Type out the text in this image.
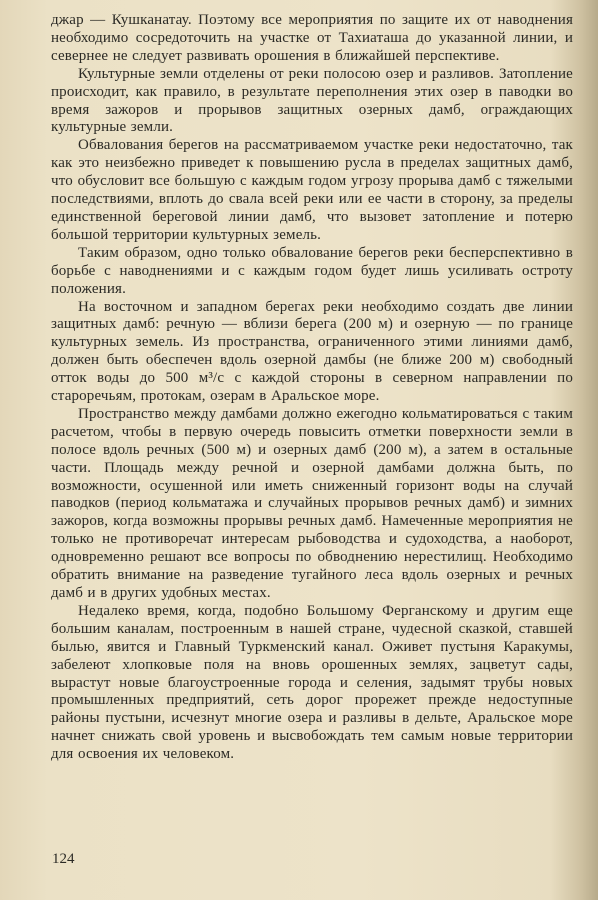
джар — Кушканатау. Поэтому все мероприятия по защите их от наводнения необходимо сосредоточить на участке от Тахиаташа до указанной линии, и севернее не следует развивать орошения в ближайшей перспективе.

Культурные земли отделены от реки полосою озер и разливов. Затопление происходит, как правило, в результате переполнения этих озер в паводки во время зажоров и прорывов защитных озерных дамб, ограждающих культурные земли.

Обвалования берегов на рассматриваемом участке реки недостаточно, так как это неизбежно приведет к повышению русла в пределах защитных дамб, что обусловит все большую с каждым годом угрозу прорыва дамб с тяжелыми последствиями, вплоть до свала всей реки или ее части в сторону, за пределы единственной береговой линии дамб, что вызовет затопление и потерю большой территории культурных земель.

Таким образом, одно только обвалование берегов реки бесперспективно в борьбе с наводнениями и с каждым годом будет лишь усиливать остроту положения.

На восточном и западном берегах реки необходимо создать две линии защитных дамб: речную — вблизи берега (200 м) и озерную — по границе культурных земель. Из пространства, ограниченного этими линиями дамб, должен быть обеспечен вдоль озерной дамбы (не ближе 200 м) свободный отток воды до 500 м³/с с каждой стороны в северном направлении по староречьям, протокам, озерам в Аральское море.

Пространство между дамбами должно ежегодно кольматироваться с таким расчетом, чтобы в первую очередь повысить отметки поверхности земли в полосе вдоль речных (500 м) и озерных дамб (200 м), а затем в остальные части. Площадь между речной и озерной дамбами должна быть, по возможности, осушенной или иметь сниженный горизонт воды на случай паводков (период кольматажа и случайных прорывов речных дамб) и зимних зажоров, когда возможны прорывы речных дамб. Намеченные мероприятия не только не противоречат интересам рыбоводства и судоходства, а наоборот, одновременно решают все вопросы по обводнению нерестилищ. Необходимо обратить внимание на разведение тугайного леса вдоль озерных и речных дамб и в других удобных местах.

Недалеко время, когда, подобно Большому Ферганскому и другим еще большим каналам, построенным в нашей стране, чудесной сказкой, ставшей былью, явится и Главный Туркменский канал. Оживет пустыня Каракумы, забелеют хлопковые поля на вновь орошенных землях, зацветут сады, вырастут новые благоустроенные города и селения, задымят трубы новых промышленных предприятий, сеть дорог прорежет прежде недоступные районы пустыни, исчезнут многие озера и разливы в дельте, Аральское море начнет снижать свой уровень и высвобождать тем самым новые территории для освоения их человеком.

124
